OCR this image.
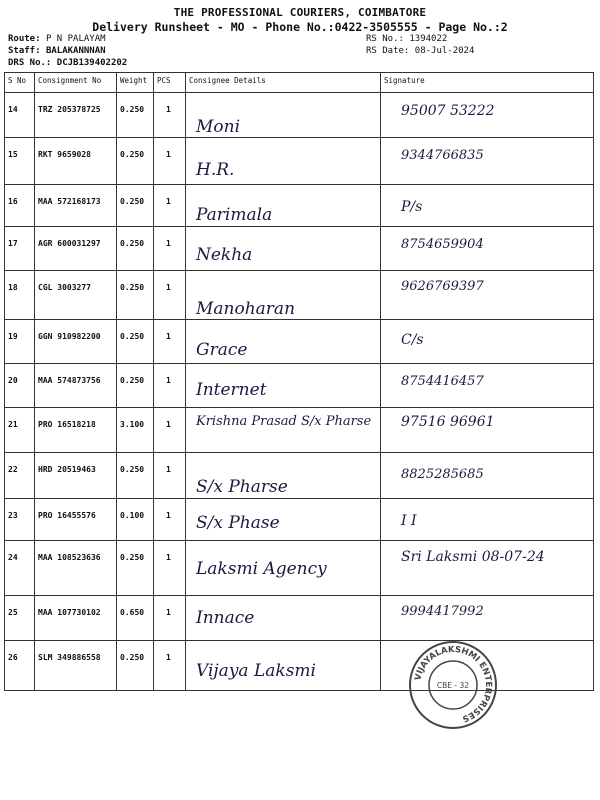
THE PROFESSIONAL COURIERS, COIMBATORE
Delivery Runsheet - MO - Phone No.:0422-3505555 - Page No.:2
Route: P N PALAYAM
Staff: BALAKANNNAN
DRS No.: DCJB139402202
RS No.: 1394022
RS Date: 08-Jul-2024
S No	Consignment No	Weight	PCS	Consignee Details	Signature
14	TRZ 205378725	0.250	1	Moni	95007 53222

15	RKT 9659028	0.250	1	H.R.	9344766835

16	MAA 572168173	0.250	1	Parimala	P/s

17	AGR 600031297	0.250	1	Nekha	8754659904

18	CGL 3003277	0.250	1	Manoharan	9626769397

19	GGN 910982200	0.250	1	Grace	C/s

20	MAA 574873756	0.250	1	Internet	8754416457

21	PRO 16518218	3.100	1	Krishna Prasad S/x Pharse	97516 96961

22	HRD 20519463	0.250	1	S/x Pharse	8825285685

23	PRO 16455576	0.100	1	S/x Phase	I I

24	MAA 108523636	0.250	1	Laksmi Agency	Sri Laksmi 08-07-24

25	MAA 107730102	0.650	1	Innace	9994417992

26	SLM 349886558	0.250	1	Vijaya Laksmi	
		VIJAYALAKSHMI ENTERPRISES
CBE - 32
